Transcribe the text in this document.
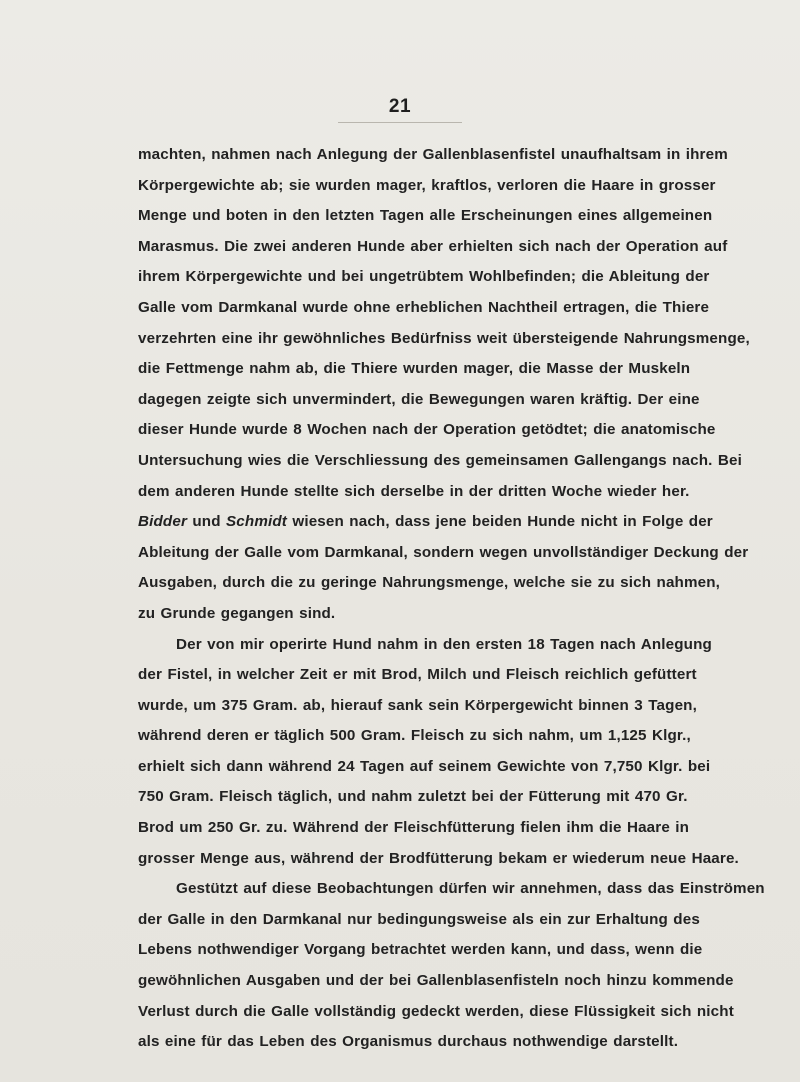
21
machten, nahmen nach Anlegung der Gallenblasenfistel unaufhaltsam in ihrem
Körpergewichte ab; sie wurden mager, kraftlos, verloren die Haare in grosser
Menge und boten in den letzten Tagen alle Erscheinungen eines allgemeinen
Marasmus. Die zwei anderen Hunde aber erhielten sich nach der Operation auf
ihrem Körpergewichte und bei ungetrübtem Wohlbefinden; die Ableitung der
Galle vom Darmkanal wurde ohne erheblichen Nachtheil ertragen, die Thiere
verzehrten eine ihr gewöhnliches Bedürfniss weit übersteigende Nahrungsmenge,
die Fettmenge nahm ab, die Thiere wurden mager, die Masse der Muskeln
dagegen zeigte sich unvermindert, die Bewegungen waren kräftig. Der eine
dieser Hunde wurde 8 Wochen nach der Operation getödtet; die anatomische
Untersuchung wies die Verschliessung des gemeinsamen Gallengangs nach. Bei
dem anderen Hunde stellte sich derselbe in der dritten Woche wieder her.
Bidder und Schmidt wiesen nach, dass jene beiden Hunde nicht in Folge der
Ableitung der Galle vom Darmkanal, sondern wegen unvollständiger Deckung der
Ausgaben, durch die zu geringe Nahrungsmenge, welche sie zu sich nahmen,
zu Grunde gegangen sind.
Der von mir operirte Hund nahm in den ersten 18 Tagen nach Anlegung
der Fistel, in welcher Zeit er mit Brod, Milch und Fleisch reichlich gefüttert
wurde, um 375 Gram. ab, hierauf sank sein Körpergewicht binnen 3 Tagen,
während deren er täglich 500 Gram. Fleisch zu sich nahm, um 1,125 Klgr.,
erhielt sich dann während 24 Tagen auf seinem Gewichte von 7,750 Klgr. bei
750 Gram. Fleisch täglich, und nahm zuletzt bei der Fütterung mit 470 Gr.
Brod um 250 Gr. zu. Während der Fleischfütterung fielen ihm die Haare in
grosser Menge aus, während der Brodfütterung bekam er wiederum neue Haare.
Gestützt auf diese Beobachtungen dürfen wir annehmen, dass das Einströmen
der Galle in den Darmkanal nur bedingungsweise als ein zur Erhaltung des
Lebens nothwendiger Vorgang betrachtet werden kann, und dass, wenn die
gewöhnlichen Ausgaben und der bei Gallenblasenfisteln noch hinzu kommende
Verlust durch die Galle vollständig gedeckt werden, diese Flüssigkeit sich nicht
als eine für das Leben des Organismus durchaus nothwendige darstellt.
